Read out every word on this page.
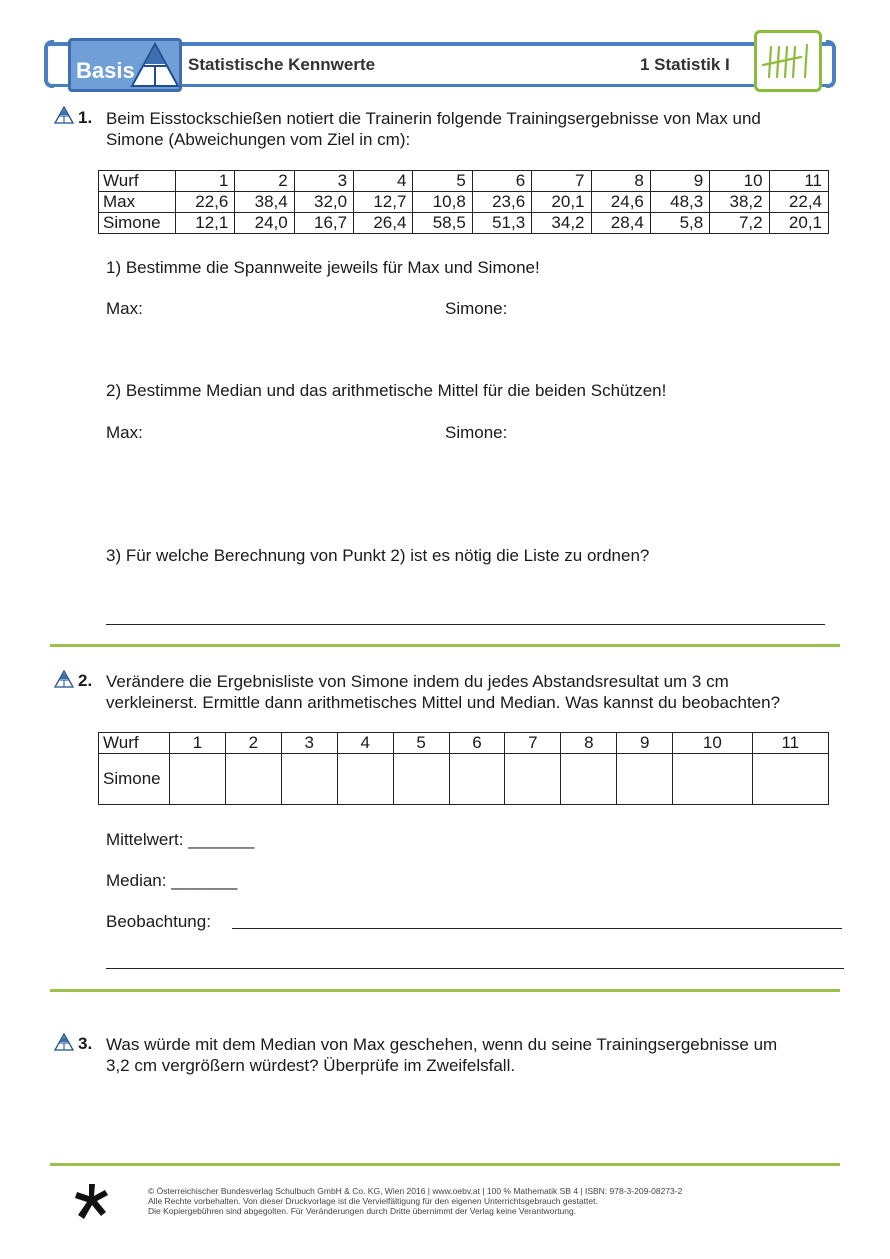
Basis	Statistische Kennwerte	1 Statistik I
1. Beim Eisstockschießen notiert die Trainerin folgende Trainingsergebnisse von Max und
Simone (Abweichungen vom Ziel in cm):
Wurf	1	2	3	4	5	6	7	8	9	10	11
Max	22,6	38,4	32,0	12,7	10,8	23,6	20,1	24,6	48,3	38,2	22,4
Simone	12,1	24,0	16,7	26,4	58,5	51,3	34,2	28,4	5,8	7,2	20,1
1) Bestimme die Spannweite jeweils für Max und Simone!
Max:	Simone:
2) Bestimme Median und das arithmetische Mittel für die beiden Schützen!
Max:	Simone:
3) Für welche Berechnung von Punkt 2) ist es nötig die Liste zu ordnen?
2. Verändere die Ergebnisliste von Simone indem du jedes Abstandsresultat um 3 cm
verkleinerst. Ermittle dann arithmetisches Mittel und Median. Was kannst du beobachten?
Wurf	1	2	3	4	5	6	7	8	9	10	11
Simone											
Mittelwert: _______
Median: _______
Beobachtung:
3. Was würde mit dem Median von Max geschehen, wenn du seine Trainingsergebnisse um
3,2 cm vergrößern würdest? Überprüfe im Zweifelsfall.
© Österreichischer Bundesverlag Schulbuch GmbH & Co. KG, Wien 2016 | www.oebv.at | 100 % Mathematik SB 4 | ISBN: 978-3-209-08273-2
Alle Rechte vorbehalten. Von dieser Druckvorlage ist die Vervielfältigung für den eigenen Unterrichtsgebrauch gestattet.
Die Kopiergebühren sind abgegolten. Für Veränderungen durch Dritte übernimmt der Verlag keine Verantwortung.
